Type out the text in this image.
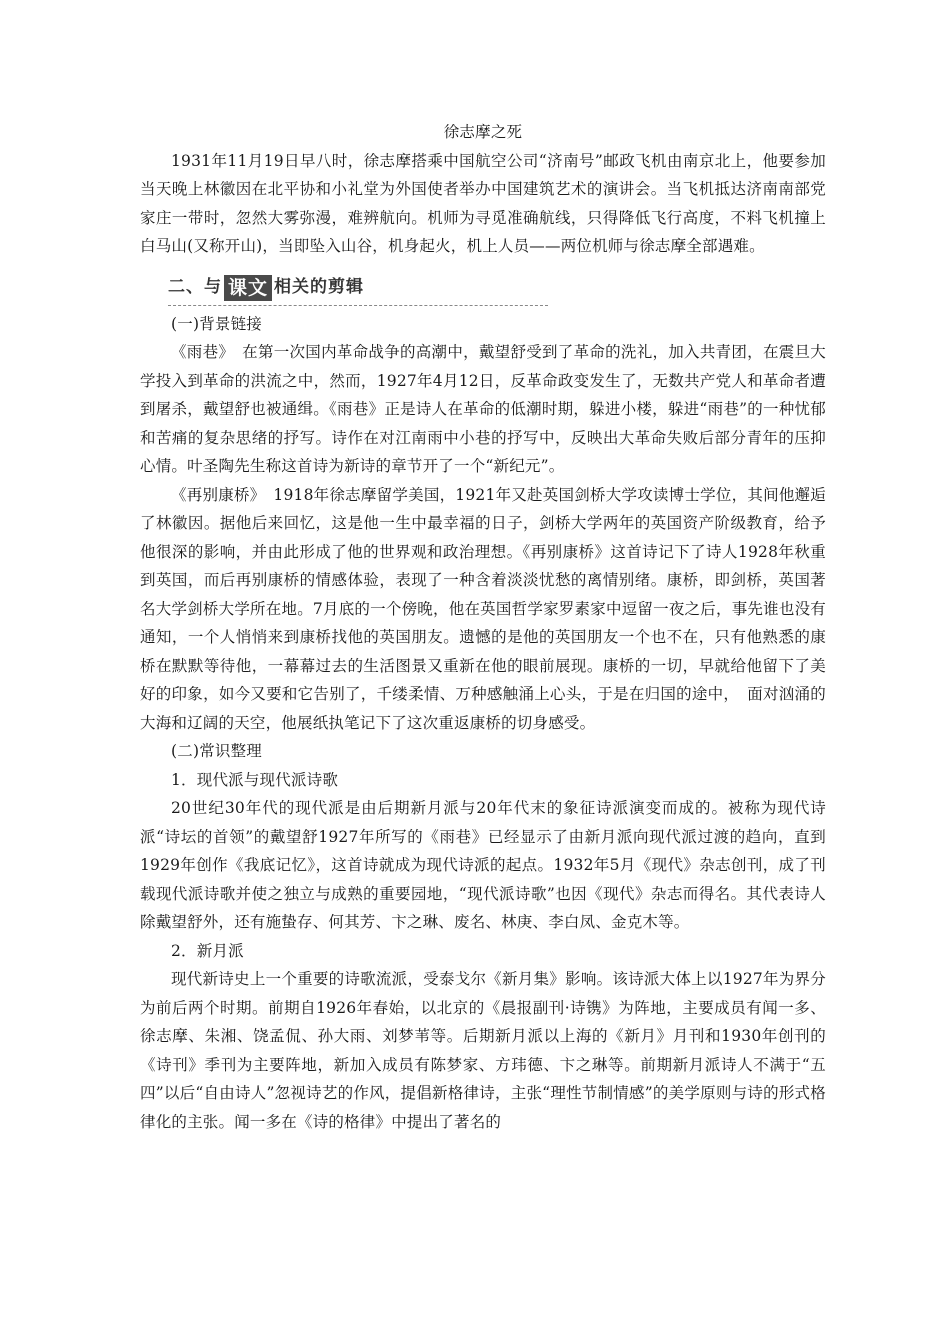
徐志摩之死

1931年11月19日早八时，徐志摩搭乘中国航空公司“济南号”邮政飞机由南京北上，他要参加当天晚上林徽因在北平协和小礼堂为外国使者举办中国建筑艺术的演讲会。当飞机抵达济南南部党家庄一带时，忽然大雾弥漫，难辨航向。机师为寻觅准确航线，只得降低飞行高度，不料飞机撞上白马山(又称开山)，当即坠入山谷，机身起火，机上人员——两位机师与徐志摩全部遇难。

二、与 课文 相关的剪辑

(一)背景链接

《雨巷》　在第一次国内革命战争的高潮中，戴望舒受到了革命的洗礼，加入共青团，在震旦大学投入到革命的洪流之中，然而，1927年4月12日，反革命政变发生了，无数共产党人和革命者遭到屠杀，戴望舒也被通缉。《雨巷》正是诗人在革命的低潮时期，躲进小楼，躲进“雨巷”的一种忧郁和苦痛的复杂思绪的抒写。诗作在对江南雨中小巷的抒写中，反映出大革命失败后部分青年的压抑心情。叶圣陶先生称这首诗为新诗的章节开了一个“新纪元”。

《再别康桥》　1918年徐志摩留学美国，1921年又赴英国剑桥大学攻读博士学位，其间他邂逅了林徽因。据他后来回忆，这是他一生中最幸福的日子，剑桥大学两年的英国资产阶级教育，给予他很深的影响，并由此形成了他的世界观和政治理想。《再别康桥》这首诗记下了诗人1928年秋重到英国，而后再别康桥的情感体验，表现了一种含着淡淡忧愁的离情别绪。康桥，即剑桥，英国著名大学剑桥大学所在地。7月底的一个傍晚，他在英国哲学家罗素家中逗留一夜之后，事先谁也没有通知，一个人悄悄来到康桥找他的英国朋友。遗憾的是他的英国朋友一个也不在，只有他熟悉的康桥在默默等待他，一幕幕过去的生活图景又重新在他的眼前展现。康桥的一切，早就给他留下了美好的印象，如今又要和它告别了，千缕柔情、万种感触涌上心头，于是在归国的途中，　面对汹涌的大海和辽阔的天空，他展纸执笔记下了这次重返康桥的切身感受。

(二)常识整理

1．现代派与现代派诗歌

20世纪30年代的现代派是由后期新月派与20年代末的象征诗派演变而成的。被称为现代诗派“诗坛的首领”的戴望舒1927年所写的《雨巷》已经显示了由新月派向现代派过渡的趋向，直到1929年创作《我底记忆》，这首诗就成为现代诗派的起点。1932年5月《现代》杂志创刊，成了刊载现代派诗歌并使之独立与成熟的重要园地，“现代派诗歌”也因《现代》杂志而得名。其代表诗人除戴望舒外，还有施蛰存、何其芳、卞之琳、废名、林庚、李白凤、金克木等。

2．新月派

现代新诗史上一个重要的诗歌流派，受泰戈尔《新月集》影响。该诗派大体上以1927年为界分为前后两个时期。前期自1926年春始，以北京的《晨报副刊·诗镌》为阵地，主要成员有闻一多、徐志摩、朱湘、饶孟侃、孙大雨、刘梦苇等。后期新月派以上海的《新月》月刊和1930年创刊的《诗刊》季刊为主要阵地，新加入成员有陈梦家、方玮德、卞之琳等。前期新月派诗人不满于“五四”以后“自由诗人”忽视诗艺的作风，提倡新格律诗，主张“理性节制情感”的美学原则与诗的形式格律化的主张。闻一多在《诗的格律》中提出了著名的
